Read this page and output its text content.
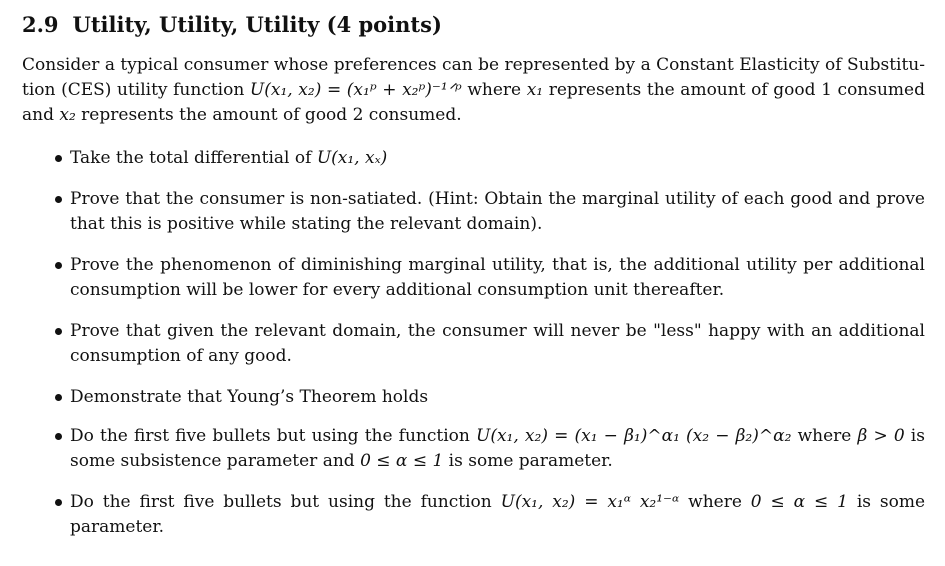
2.9 Utility, Utility, Utility (4 points)

Consider a typical consumer whose preferences can be represented by a Constant Elasticity of Substitu- tion (CES) utility function U(x₁, x₂) = (x₁ᵖ + x₂ᵖ)⁻¹ᐟᵖ where x₁ represents the amount of good 1 consumed and x₂ represents the amount of good 2 consumed.

Take the total differential of U(x₁, xₓ)
Prove that the consumer is non-satiated. (Hint: Obtain the marginal utility of each good and prove that this is positive while stating the relevant domain).
Prove the phenomenon of diminishing marginal utility, that is, the additional utility per additional consumption will be lower for every additional consumption unit thereafter.
Prove that given the relevant domain, the consumer will never be "less" happy with an additional consumption of any good.
Demonstrate that Young’s Theorem holds
Do the first five bullets but using the function U(x₁, x₂) = (x₁ − β₁)^α₁ (x₂ − β₂)^α₂ where β > 0 is some subsistence parameter and 0 ≤ α ≤ 1 is some parameter.
Do the first five bullets but using the function U(x₁, x₂) = x₁ᵅ x₂¹⁻ᵅ where 0 ≤ α ≤ 1 is some parameter.
